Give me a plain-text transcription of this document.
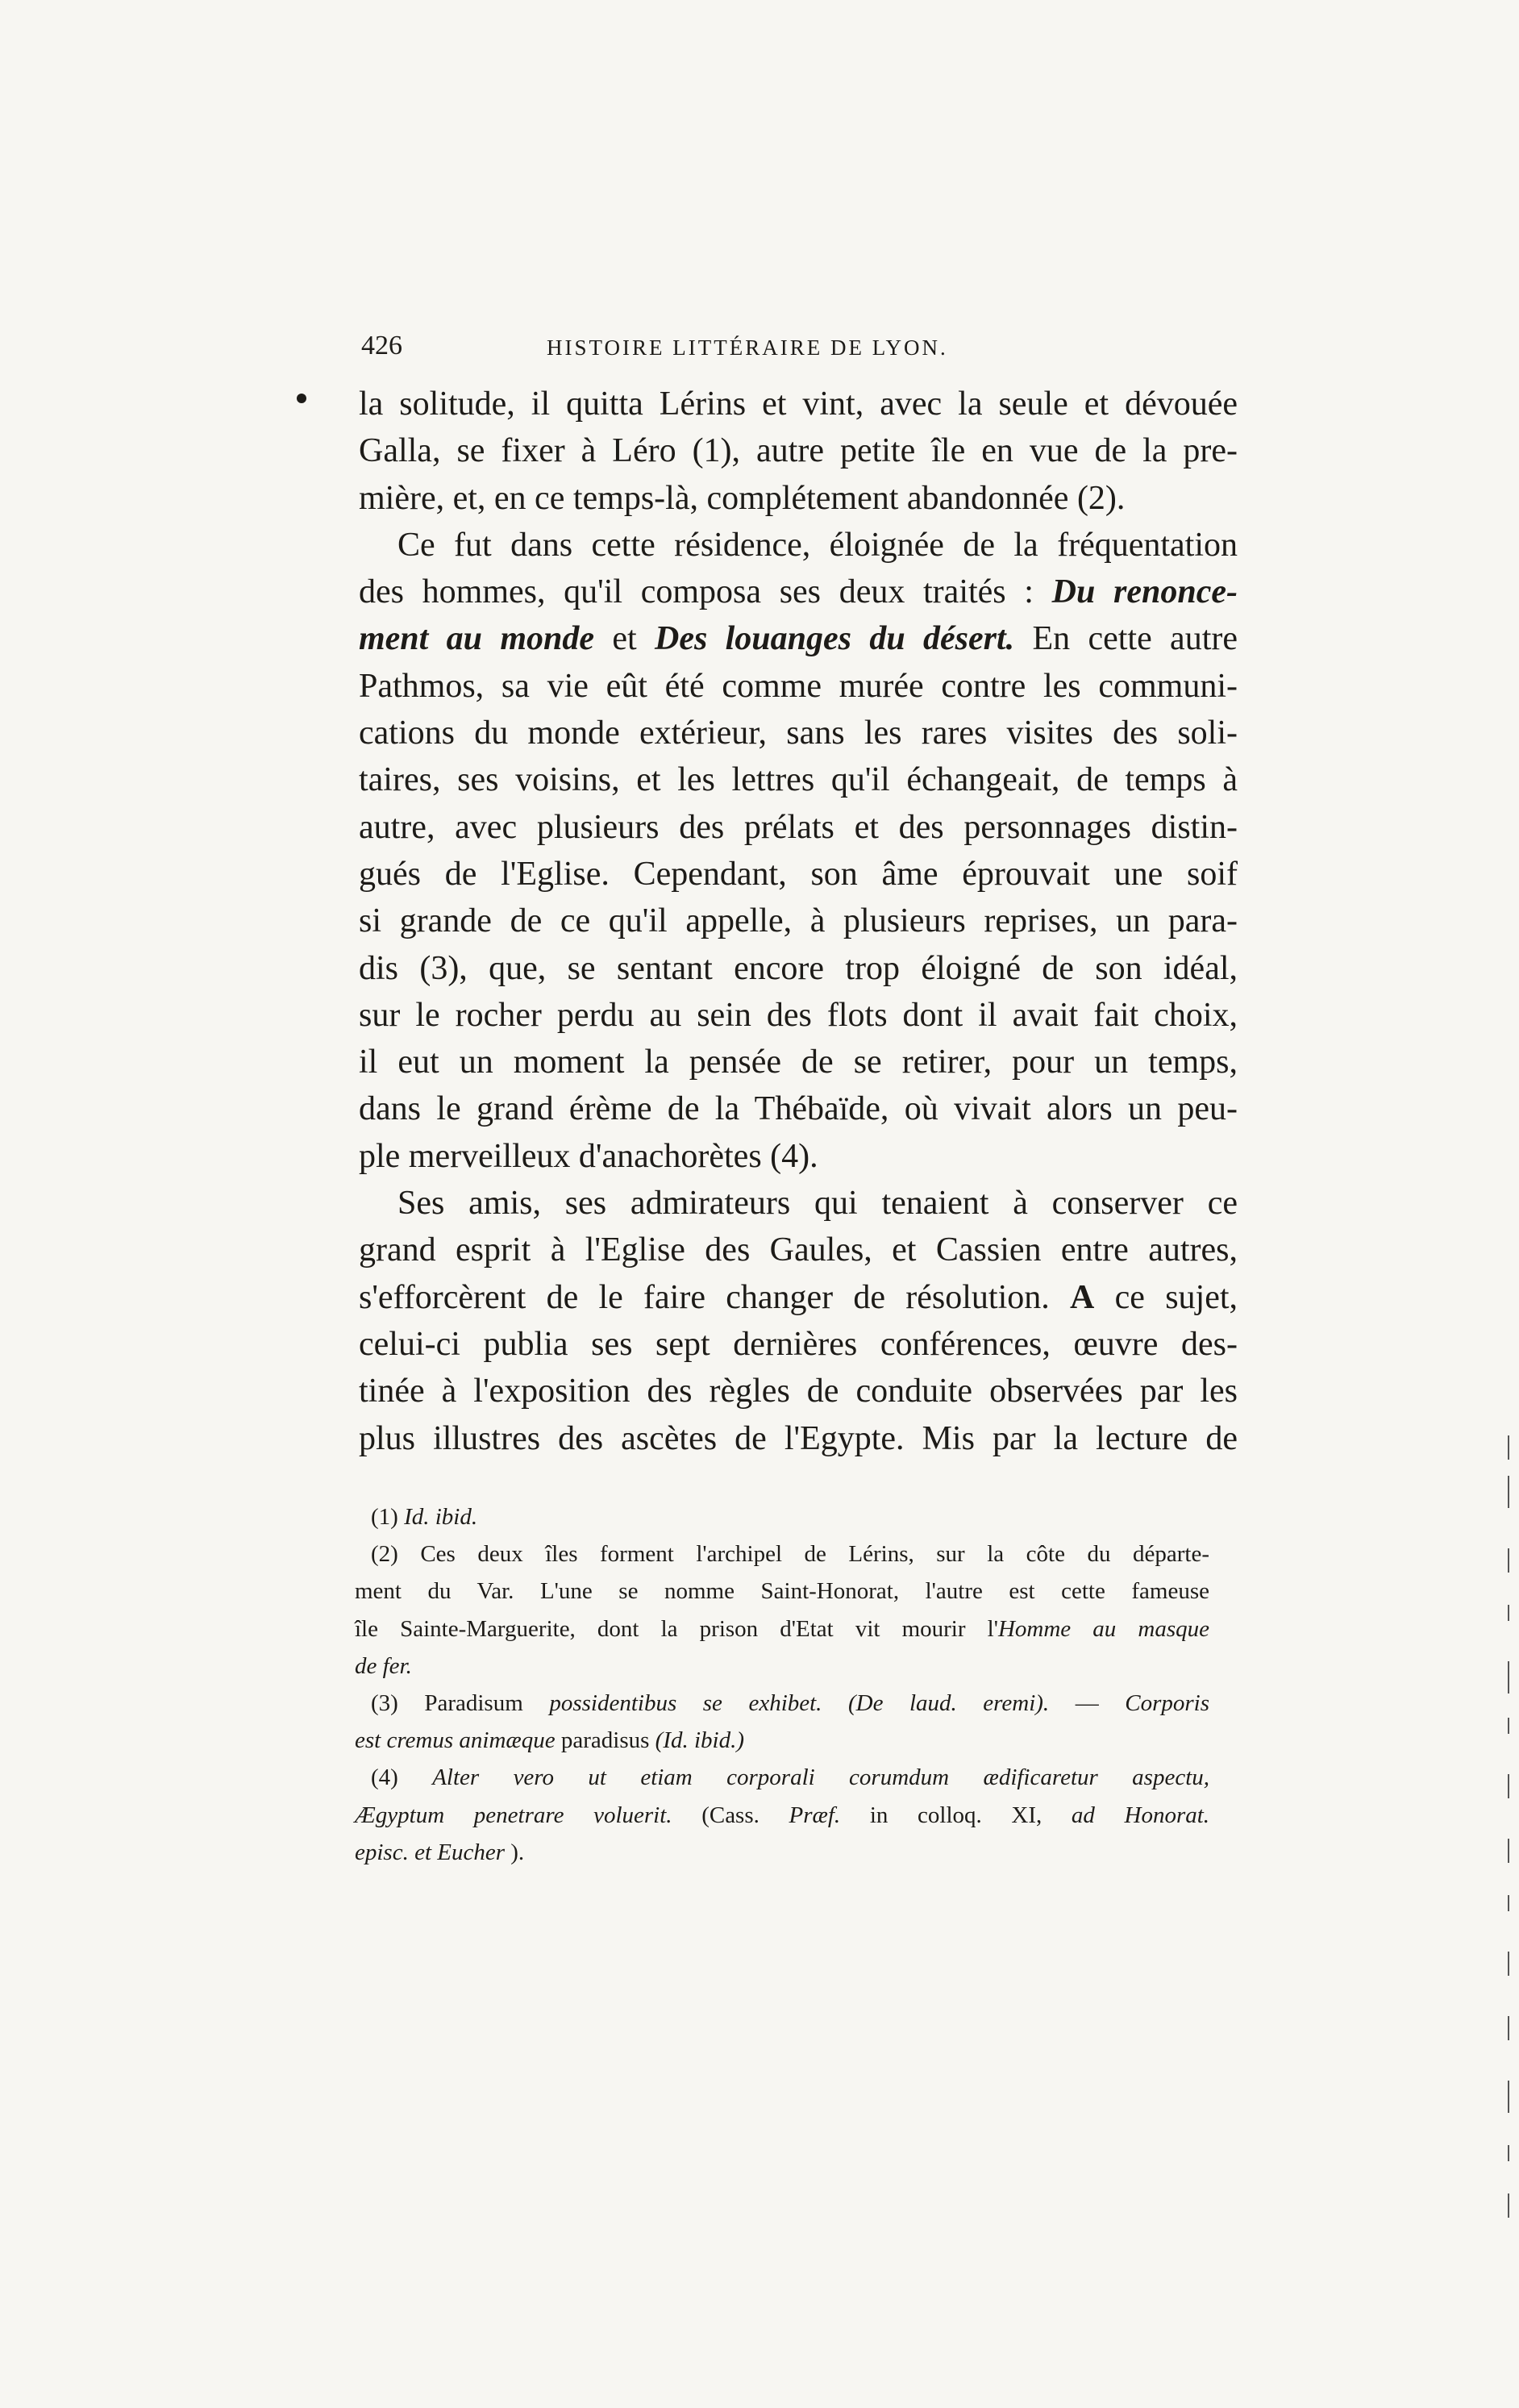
426	HISTOIRE LITTÉRAIRE DE LYON.
la solitude, il quitta Lérins et vint, avec la seule et dévouée
Galla, se fixer à Léro (1), autre petite île en vue de la pre-
mière, et, en ce temps-là, complétement abandonnée (2).
Ce fut dans cette résidence, éloignée de la fréquentation
des hommes, qu'il composa ses deux traités : Du renonce-
ment au monde et Des louanges du désert. En cette autre
Pathmos, sa vie eût été comme murée contre les communi-
cations du monde extérieur, sans les rares visites des soli-
taires, ses voisins, et les lettres qu'il échangeait, de temps à
autre, avec plusieurs des prélats et des personnages distin-
gués de l'Eglise. Cependant, son âme éprouvait une soif
si grande de ce qu'il appelle, à plusieurs reprises, un para-
dis (3), que, se sentant encore trop éloigné de son idéal,
sur le rocher perdu au sein des flots dont il avait fait choix,
il eut un moment la pensée de se retirer, pour un temps,
dans le grand érème de la Thébaïde, où vivait alors un peu-
ple merveilleux d'anachorètes (4).
Ses amis, ses admirateurs qui tenaient à conserver ce
grand esprit à l'Eglise des Gaules, et Cassien entre autres,
s'efforcèrent de le faire changer de résolution. A ce sujet,
celui-ci publia ses sept dernières conférences, œuvre des-
tinée à l'exposition des règles de conduite observées par les
plus illustres des ascètes de l'Egypte. Mis par la lecture de
(1) Id. ibid.
(2) Ces deux îles forment l'archipel de Lérins, sur la côte du départe-
ment du Var. L'une se nomme Saint-Honorat, l'autre est cette fameuse
île Sainte-Marguerite, dont la prison d'Etat vit mourir l'Homme au masque
de fer.
(3) Paradisum possidentibus se exhibet. (De laud. eremi). — Corporis
est cremus animæque paradisus (Id. ibid.)
(4) Alter vero ut etiam corporali corumdum ædificaretur aspectu,
Ægyptum penetrare voluerit. (Cass. Præf. in colloq. XI, ad Honorat.
episc. et Eucher ).
